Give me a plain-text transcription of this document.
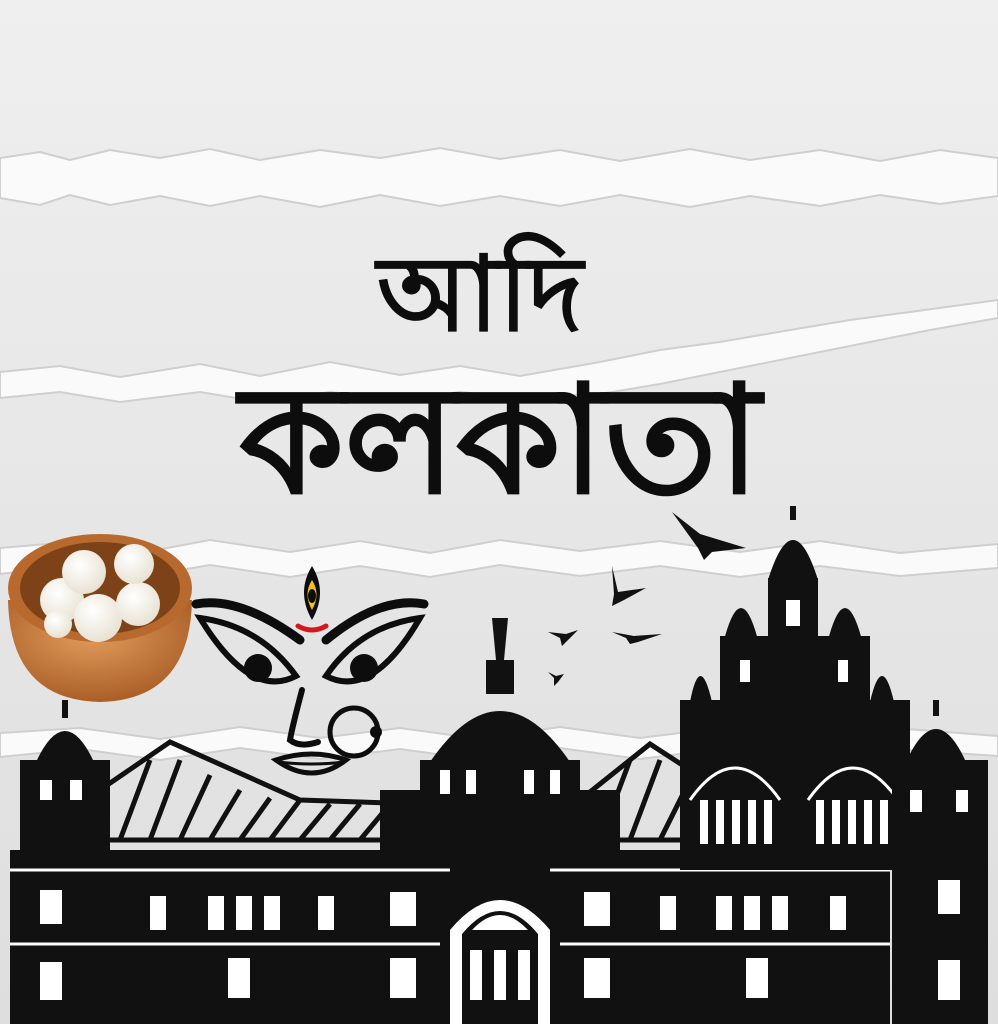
আদি
কলকাতা
